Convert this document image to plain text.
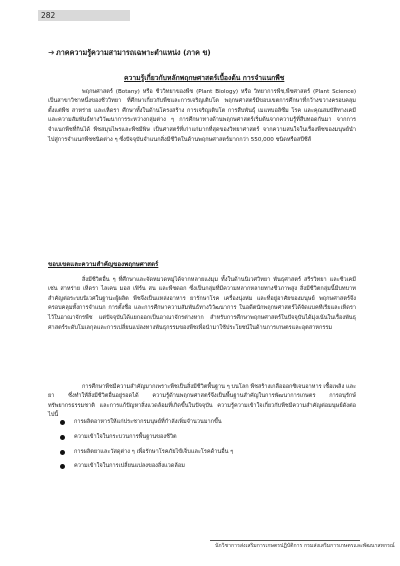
282
➜ ภาคความรู้ความสามารถเฉพาะตำแหน่ง (ภาค ข)
ความรู้เกี่ยวกับหลักพฤกษศาสตร์เบื้องต้น การจำแนกพืช

พฤกษศาสตร์ (Botany) หรือ ชีววิทยาของพืช (Plant Biology) หรือ วิทยาการพืช,พืชศาสตร์ (Plant Science) เป็นสาขาวิชาหนึ่งของชีววิทยา ที่ศึกษาเกี่ยวกับพืชและการเจริญเติบโต พฤกษศาสตร์มีขอบเขตการศึกษาที่กว้างขวางครอบคลุมตั้งแต่พืช สาหร่าย และเห็ดรา ศึกษาทั้งในด้านโครงสร้าง การเจริญเติบโต การสืบพันธุ์ เมแทบอลิซึม โรค และคุณสมบัติทางเคมีและความสัมพันธ์ทางวิวัฒนาการระหว่างกลุ่มต่าง ๆ การศึกษาทางด้านพฤกษศาสตร์เริ่มต้นจากความรู้ที่สืบทอดกันมา จากการจำแนกพืชที่กินได้ พืชสมุนไพรและพืชมีพิษ เป็นศาสตร์ที่เก่าแก่มากที่สุดของวิทยาศาสตร์ จากความสนใจในเรื่องพืชของมนุษย์นำไปสู่การจำแนกพืชชนิดต่าง ๆ ซึ่งปัจจุบันจำแนกสิ่งมีชีวิตในด้านพฤกษศาสตร์มากกว่า 550,000 ชนิดหรือสปีชีส์

ขอบเขตและความสำคัญของพฤกษศาสตร์

สิ่งมีชีวิตอื่น ๆ ที่ศึกษาและจัดหมวดหมู่ได้จากหลายแง่มุม ทั้งในด้านนิเวศวิทยา พันธุศาสตร์ สรีรวิทยา และชีวเคมี เช่น สาหร่าย เห็ดรา ไลเคน มอส เฟิร์น สน และพืชดอก ซึ่งเป็นกลุ่มที่มีความหลากหลายทางชีวภาพสูง สิ่งมีชีวิตกลุ่มนี้มีบทบาทสำคัญต่อระบบนิเวศในฐานะผู้ผลิต พืชจึงเป็นแหล่งอาหาร ยารักษาโรค เครื่องนุ่งห่ม และที่อยู่อาศัยของมนุษย์ พฤกษศาสตร์จึงครอบคลุมทั้งการจำแนก การตั้งชื่อ และการศึกษาความสัมพันธ์ทางวิวัฒนาการ ในอดีตนักพฤกษศาสตร์ได้จัดแบคทีเรียและเห็ดราไว้ในอาณาจักรพืช แต่ปัจจุบันได้แยกออกเป็นอาณาจักรต่างหาก สำหรับการศึกษาพฤกษศาสตร์ในปัจจุบันได้มุ่งเน้นในเรื่องพันธุศาสตร์ระดับโมเลกุลและการเปลี่ยนแปลงทางพันธุกรรมของพืชเพื่อนำมาใช้ประโยชน์ในด้านการเกษตรและอุตสาหกรรม

การศึกษาพืชมีความสำคัญมากเพราะพืชเป็นสิ่งมีชีวิตพื้นฐาน ๆ บนโลก พืชสร้างเกลือออกซิเจนอาหาร เชื้อเพลิง และยา ซึ่งทำให้สิ่งมีชีวิตอื่นอยู่รอดได้ ความรู้ด้านพฤกษศาสตร์จึงเป็นพื้นฐานสำคัญในการพัฒนาการเกษตร การอนุรักษ์ทรัพยากรธรรมชาติ และการแก้ปัญหาสิ่งแวดล้อมที่เกิดขึ้นในปัจจุบัน ความรู้ความเข้าใจเกี่ยวกับพืชมีความสำคัญต่อมนุษย์ดังต่อไปนี้

การผลิตอาหารให้แก่ประชากรมนุษย์ที่กำลังเพิ่มจำนวนมากขึ้น
ความเข้าใจในกระบวนการพื้นฐานของชีวิต
การผลิตยาและวัสดุต่าง ๆ เพื่อรักษาโรคภัยไข้เจ็บและโรคด้านอื่น ๆ
ความเข้าใจในการเปลี่ยนแปลงของสิ่งแวดล้อม
นักวิชาการส่งเสริมการเกษตรปฏิบัติการ กรมส่งเสริมการเกษตรและพัฒนาสหกรณ์
